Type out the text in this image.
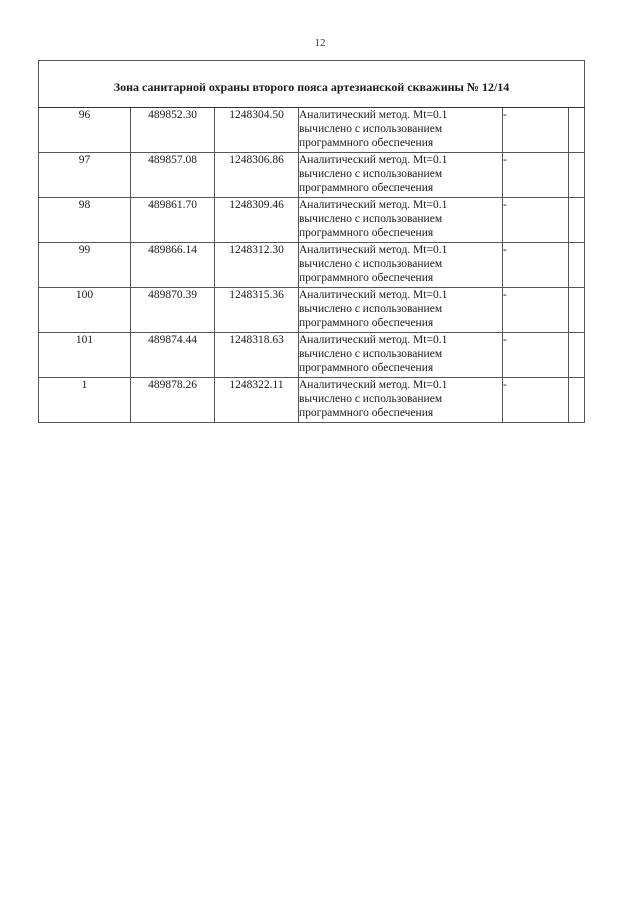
12
Зона санитарной охраны второго пояса артезианской скважины № 12/14					
96	489852.30	1248304.50	Аналитический метод. Mt=0.1
вычислено с использованием
программного обеспечения	-	
97	489857.08	1248306.86	Аналитический метод. Mt=0.1
вычислено с использованием
программного обеспечения	-	
98	489861.70	1248309.46	Аналитический метод. Mt=0.1
вычислено с использованием
программного обеспечения	-	
99	489866.14	1248312.30	Аналитический метод. Mt=0.1
вычислено с использованием
программного обеспечения	-	
100	489870.39	1248315.36	Аналитический метод. Mt=0.1
вычислено с использованием
программного обеспечения	-	
101	489874.44	1248318.63	Аналитический метод. Mt=0.1
вычислено с использованием
программного обеспечения	-	
1	489878.26	1248322.11	Аналитический метод. Mt=0.1
вычислено с использованием
программного обеспечения	-	
